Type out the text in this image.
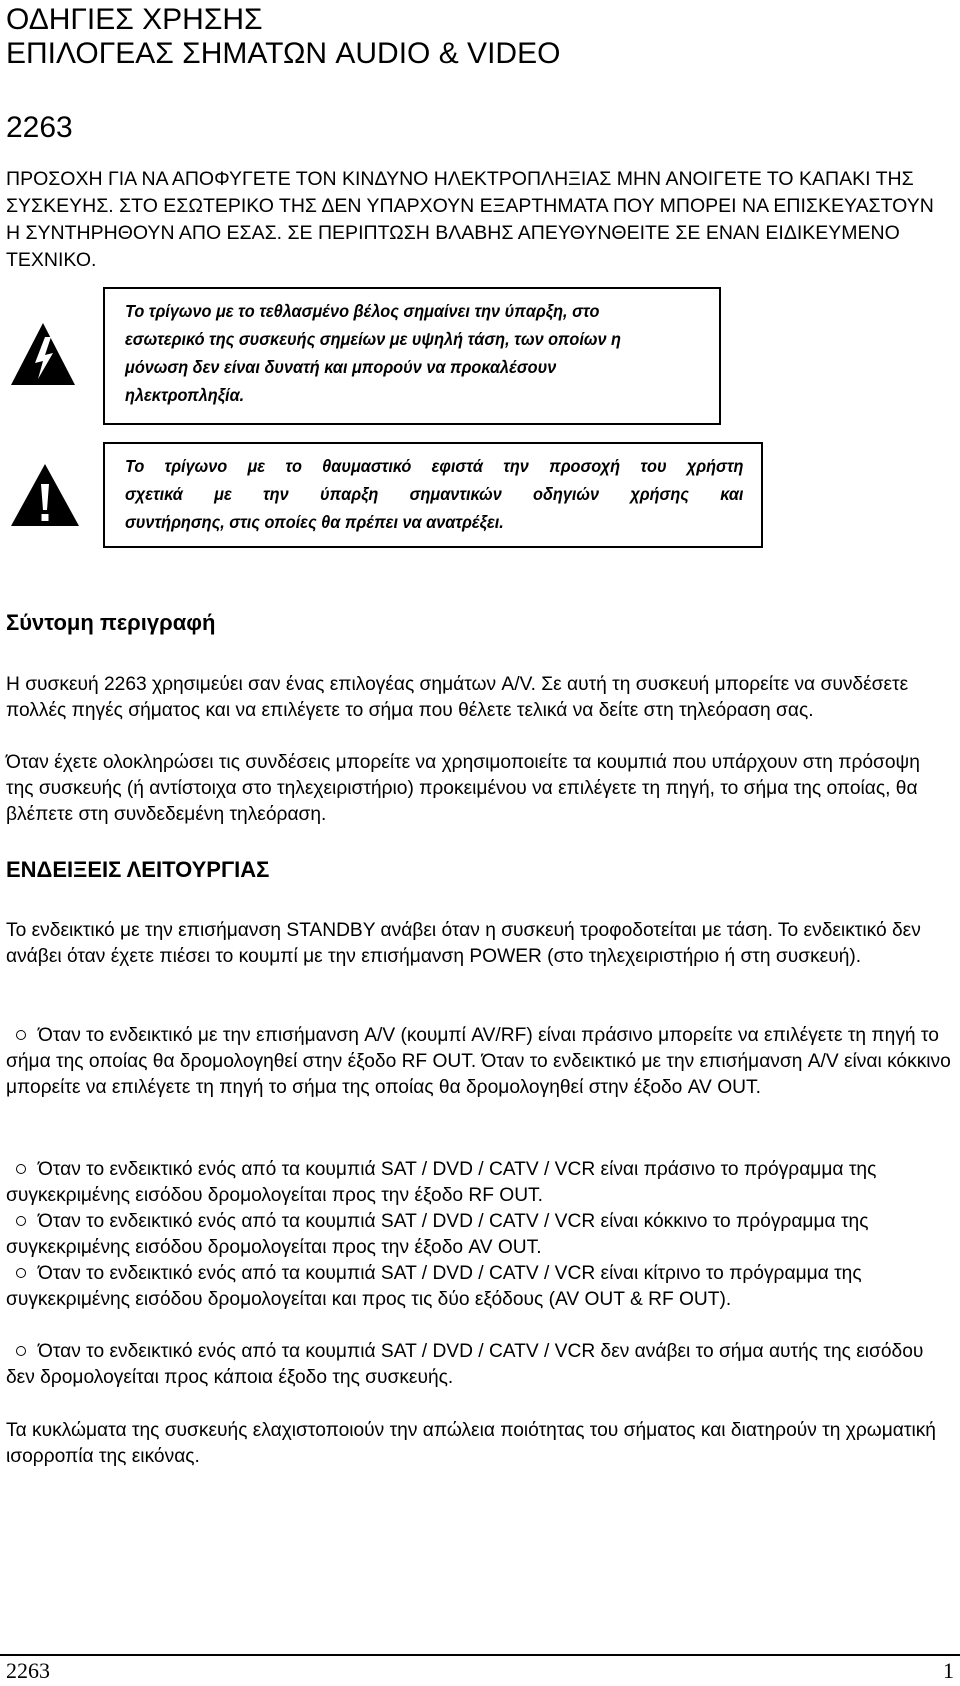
ΟΔΗΓΙΕΣ ΧΡΗΣΗΣ
ΕΠΙΛΟΓΕΑΣ ΣΗΜΑΤΩΝ AUDIO & VIDEO
2263
ΠΡΟΣΟΧΗ ΓΙΑ ΝΑ ΑΠΟΦΥΓΕΤΕ ΤΟΝ ΚΙΝΔΥΝΟ ΗΛΕΚΤΡΟΠΛΗΞΙΑΣ ΜΗΝ ΑΝΟΙΓΕΤΕ ΤΟ ΚΑΠΑΚΙ ΤΗΣ ΣΥΣΚΕΥΗΣ. ΣΤΟ ΕΣΩΤΕΡΙΚΟ ΤΗΣ ΔΕΝ ΥΠΑΡΧΟΥΝ ΕΞΑΡΤΗΜΑΤΑ ΠΟΥ ΜΠΟΡΕΙ ΝΑ ΕΠΙΣΚΕΥΑΣΤΟΥΝ Η ΣΥΝΤΗΡΗΘΟΥΝ ΑΠΟ ΕΣΑΣ. ΣΕ ΠΕΡΙΠΤΩΣΗ ΒΛΑΒΗΣ ΑΠΕΥΘΥΝΘΕΙΤΕ ΣΕ ΕΝΑΝ ΕΙΔΙΚΕΥΜΕΝΟ ΤΕΧΝΙΚΟ.
Το τρίγωνο με το τεθλασμένο βέλος σημαίνει την ύπαρξη, στο
εσωτερικό της συσκευής σημείων με υψηλή τάση, των οποίων η
μόνωση δεν είναι δυνατή και μπορούν να προκαλέσουν
ηλεκτροπληξία.
Το τρίγωνο με το θαυμαστικό εφιστά την προσοχή του χρήστη
σχετικά με την ύπαρξη σημαντικών οδηγιών χρήσης και
συντήρησης, στις οποίες θα πρέπει να ανατρέξει.
Σύντομη περιγραφή
Η συσκευή 2263 χρησιμεύει σαν ένας επιλογέας σημάτων A/V. Σε αυτή τη συσκευή μπορείτε να συνδέσετε πολλές πηγές σήματος και να επιλέγετε το σήμα που θέλετε τελικά να δείτε στη τηλεόραση σας.
Όταν έχετε ολοκληρώσει τις συνδέσεις μπορείτε να χρησιμοποιείτε τα κουμπιά που υπάρχουν στη πρόσοψη της συσκευής (ή αντίστοιχα στο τηλεχειριστήριο) προκειμένου να επιλέγετε τη πηγή, το σήμα της οποίας, θα βλέπετε στη συνδεδεμένη τηλεόραση.
ΕΝΔΕΙΞΕΙΣ ΛΕΙΤΟΥΡΓΙΑΣ
Το ενδεικτικό με την επισήμανση STANDBY ανάβει όταν η συσκευή τροφοδοτείται με τάση. Το ενδεικτικό δεν ανάβει όταν έχετε πιέσει το κουμπί με την επισήμανση POWER (στο τηλεχειριστήριο ή στη συσκευή).
Όταν το ενδεικτικό με την επισήμανση A/V (κουμπί AV/RF) είναι πράσινο μπορείτε να επιλέγετε τη πηγή το σήμα της οποίας θα δρομολογηθεί στην έξοδο RF OUT. Όταν το ενδεικτικό με την επισήμανση A/V είναι κόκκινο μπορείτε να επιλέγετε τη πηγή το σήμα της οποίας θα δρομολογηθεί στην έξοδο AV OUT.
Όταν το ενδεικτικό ενός από τα κουμπιά SAT / DVD / CATV / VCR είναι πράσινο το πρόγραμμα της συγκεκριμένης εισόδου δρομολογείται προς την έξοδο RF OUT.
Όταν το ενδεικτικό ενός από τα κουμπιά SAT / DVD / CATV / VCR είναι κόκκινο το πρόγραμμα της συγκεκριμένης εισόδου δρομολογείται προς την έξοδο AV OUT.
Όταν το ενδεικτικό ενός από τα κουμπιά SAT / DVD / CATV / VCR είναι κίτρινο το πρόγραμμα της συγκεκριμένης εισόδου δρομολογείται και προς τις δύο εξόδους (AV OUT & RF OUT).
Όταν το ενδεικτικό ενός από τα κουμπιά SAT / DVD / CATV / VCR δεν ανάβει το σήμα αυτής της εισόδου δεν δρομολογείται προς κάποια έξοδο της συσκευής.
Τα κυκλώματα της συσκευής ελαχιστοποιούν την απώλεια ποιότητας του σήματος και διατηρούν τη χρωματική ισορροπία της εικόνας.
2263	1
